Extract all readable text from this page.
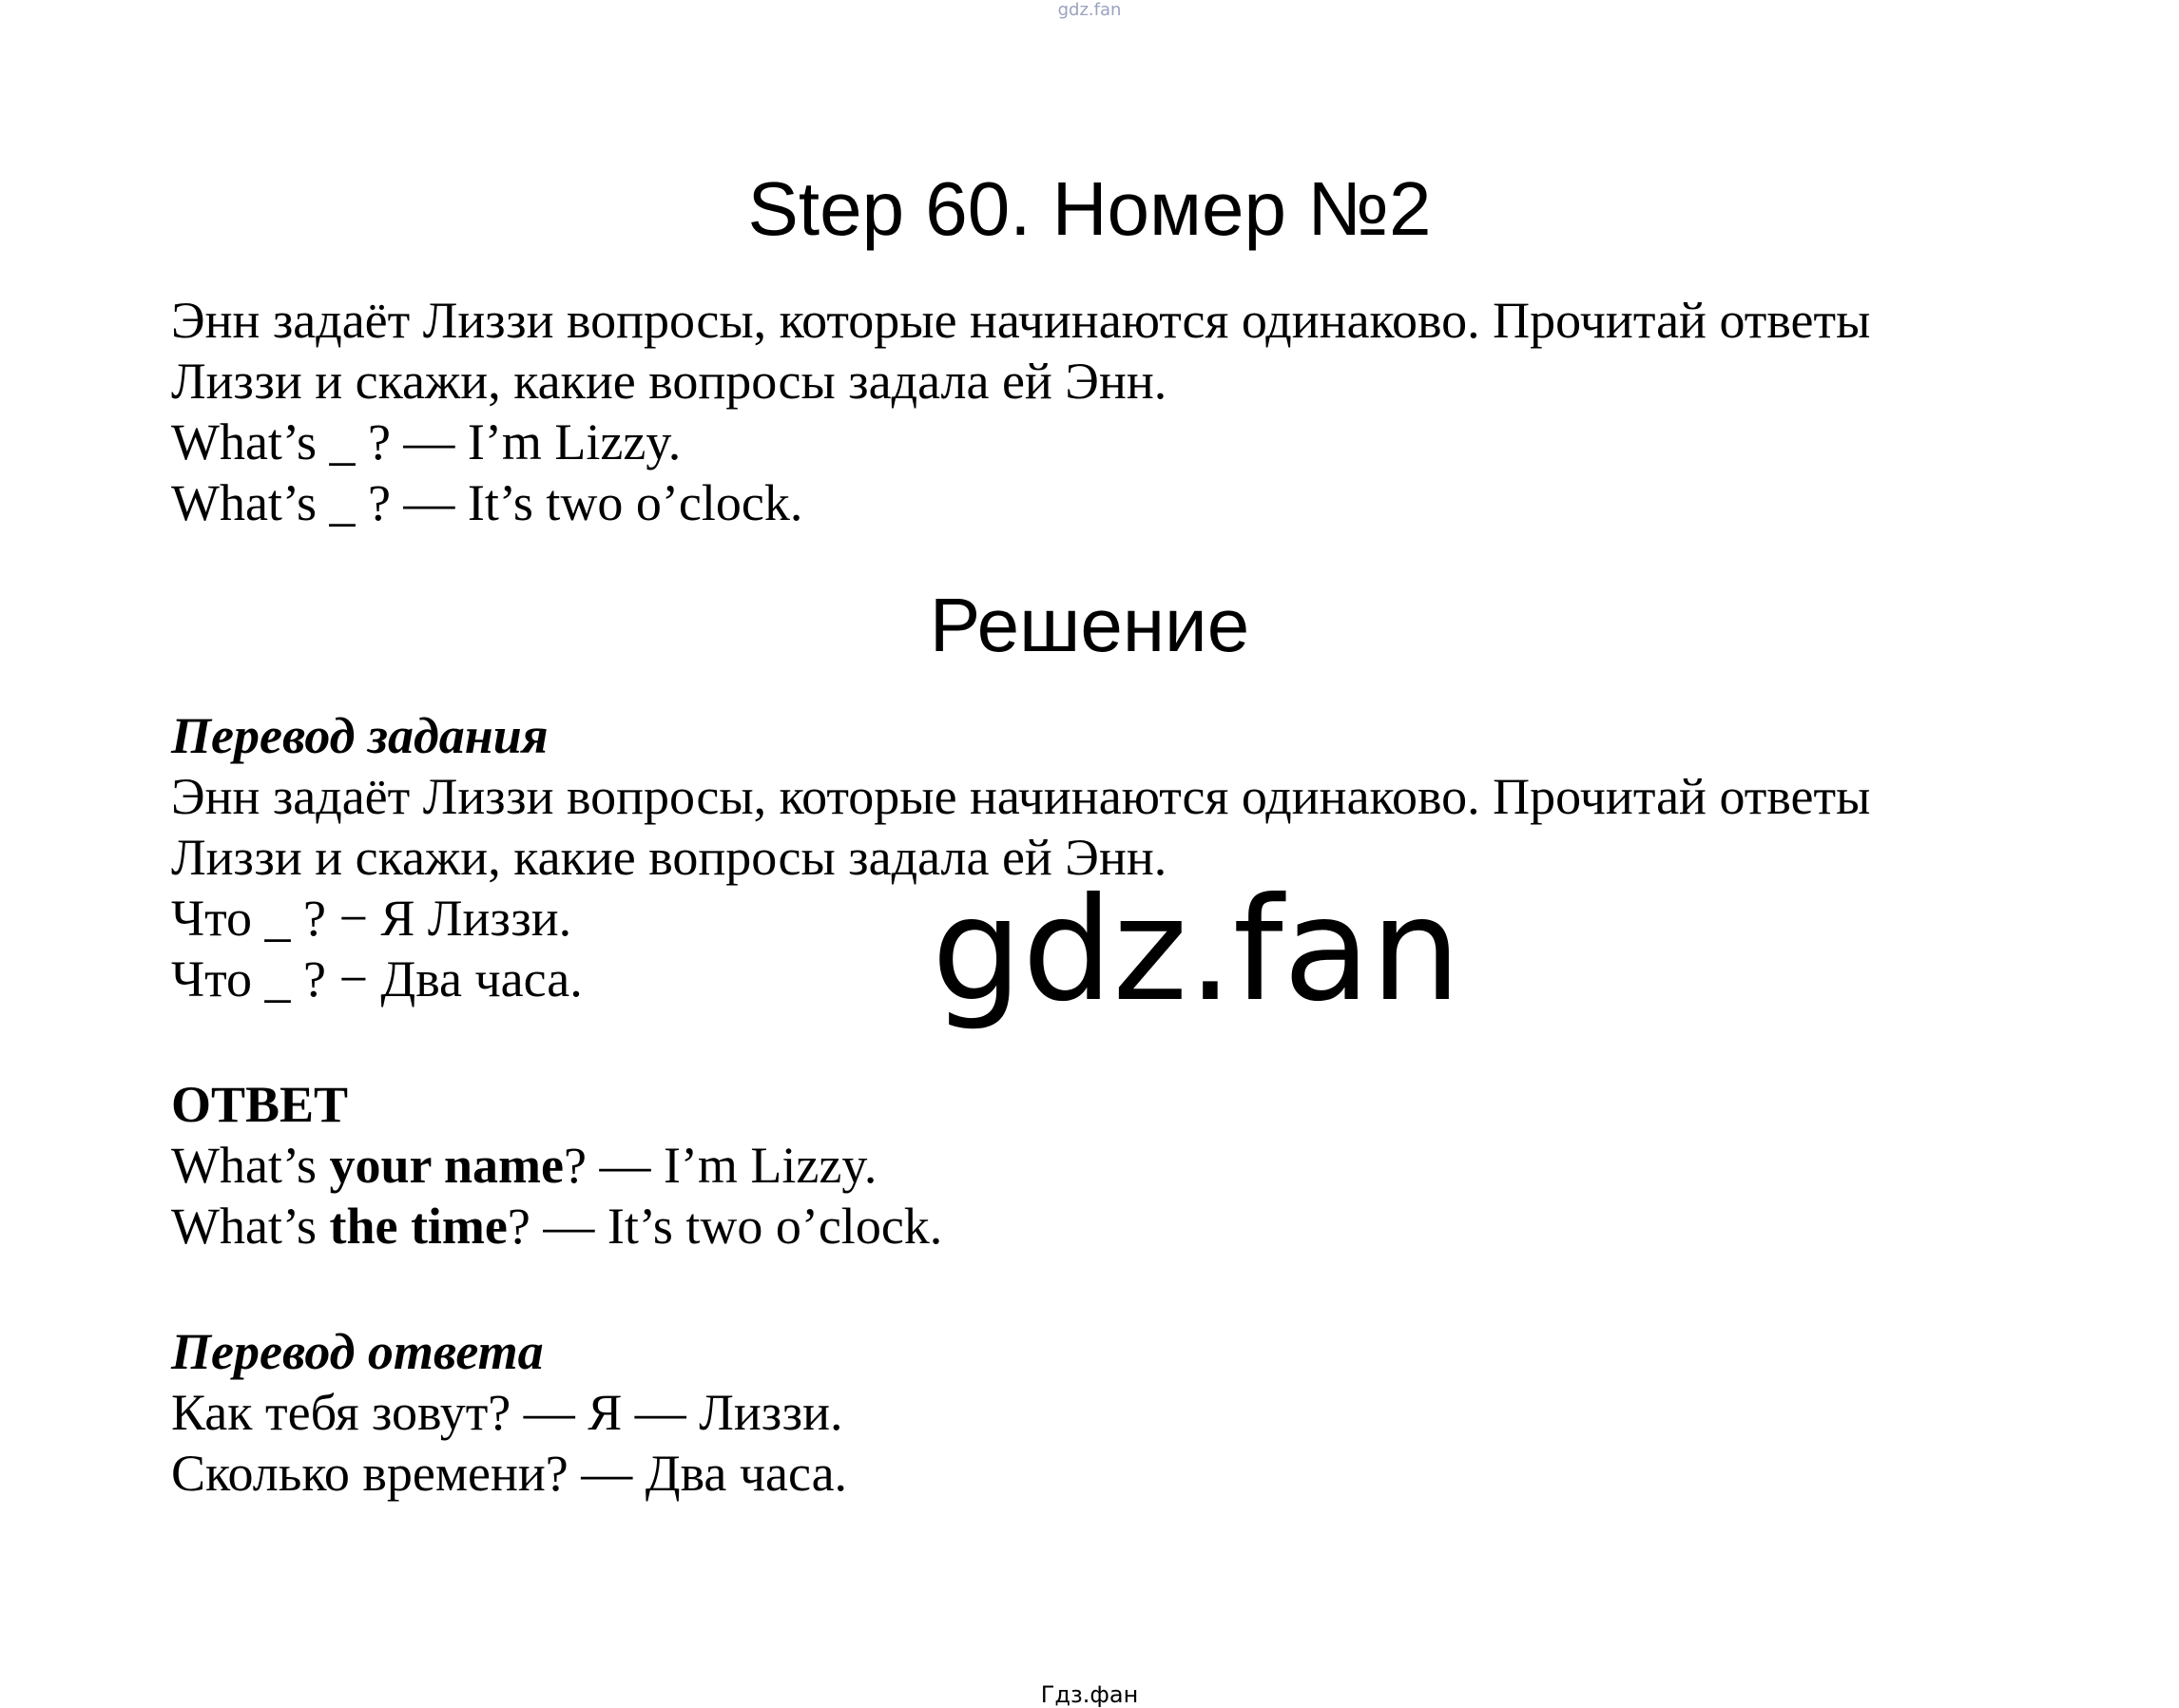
gdz.fan
Step 60. Номер №2

Энн задаёт Лиззи вопросы, которые начинаются одинаково. Прочитай ответы

Лиззи и скажи, какие вопросы задала ей Энн.

What’s _ ? — I’m Lizzy.

What’s _ ? — It’s two o’clock.

Решение

Перевод задания

Энн задаёт Лиззи вопросы, которые начинаются одинаково. Прочитай ответы

Лиззи и скажи, какие вопросы задала ей Энн.

Что _ ? − Я Лиззи.

Что _ ? − Два часа.

ОТВЕТ

What’s your name? — I’m Lizzy.

What’s the time? — It’s two o’clock.

Перевод ответа

Как тебя зовут? — Я — Лиззи.

Сколько времени? — Два часа.

gdz.fan
Гдз.фан
